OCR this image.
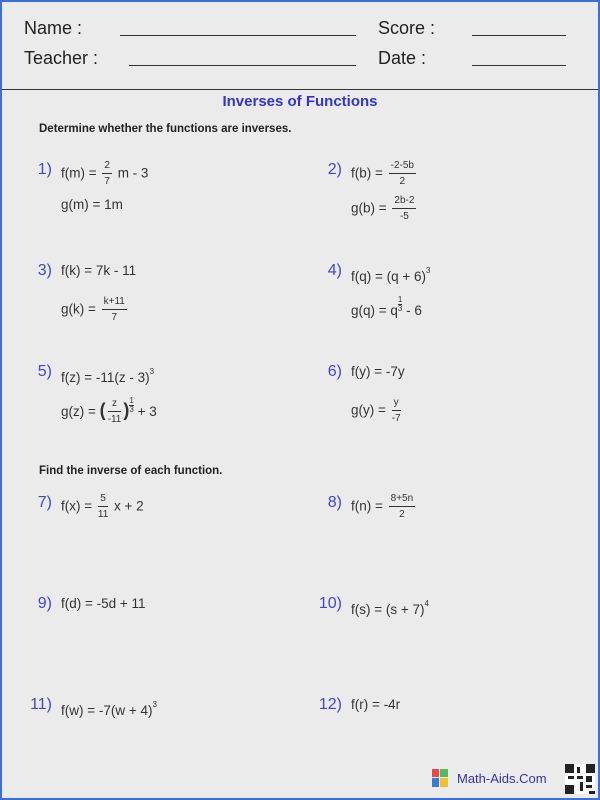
Name :	Score :
Teacher :	Date :
Inverses of Functions
Determine whether the functions are inverses.
Find the inverse of each function.
1) $f(m) = \frac{2}{7}$ m - 3
g(m) = 1m
2) $f(b) = \frac{-2-5b}{2}$
$g(b) = \frac{2b-2}{-5}$
3) f(k) = 7k - 11
$g(k) = \frac{k+11}{7}$
4) $f(q) = (q + 6)^3$
g(q) = q $\frac{1}{3} - 6$
5) f(z) = -11(z - 3)$^3$
g(z) = ( $\frac{z}{-11}$ ) $\frac{1}{3} + 3$
6) f(y) = -7y
$g(y) = \frac{y}{-7}$
7) $f(x) = \frac{5}{11}$ x + 2	8) $f(n) = \frac{8+5n}{2}$
9) f(d) = -5d + 11	10) $f(s) = (s + 7)^4$
11) $f(w) = -7(w + 4)^3$	12) f(r) = -4r
Math-Aids.Com
